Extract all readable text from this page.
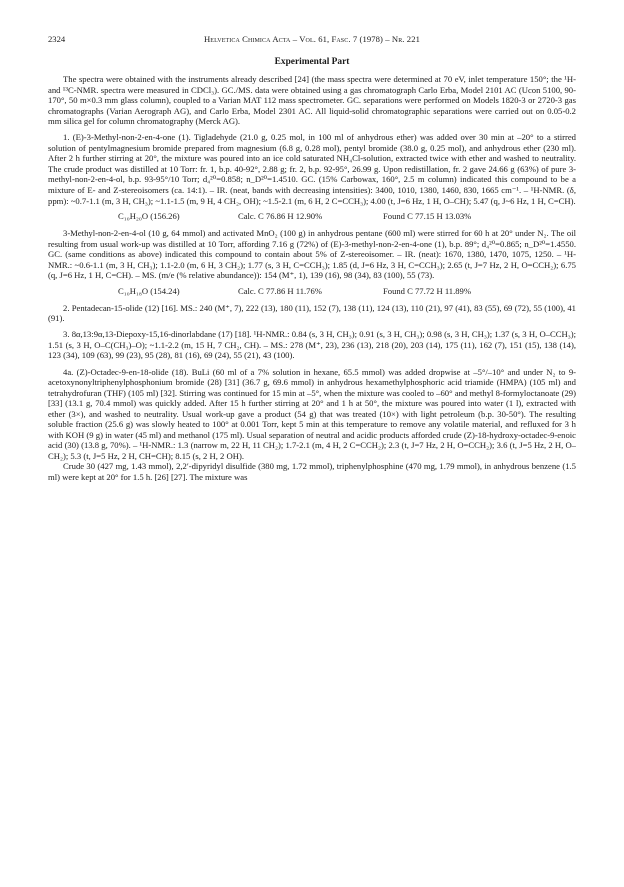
2324	Helvetica Chimica Acta – Vol. 61, Fasc. 7 (1978) – Nr. 221
Experimental Part

The spectra were obtained with the instruments already described [24] (the mass spectra were determined at 70 eV, inlet temperature 150°; the ¹H- and ¹³C-NMR. spectra were measured in CDCl₃). GC./MS. data were obtained using a gas chromatograph Carlo Erba, Model 2101 AC (Ucon 5100, 90-170°, 50 m×0.3 mm glass column), coupled to a Varian MAT 112 mass spectrometer. GC. separations were performed on Models 1820-3 or 2720-3 gas chromatographs (Varian Aerograph AG), and Carlo Erba, Model 2301 AC. All liquid-solid chromatographic separations were carried out on 0.05-0.2 mm silica gel for column chromatography (Merck AG).

1. (E)-3-Methyl-non-2-en-4-one (1). Tigladehyde (21.0 g, 0.25 mol, in 100 ml of anhydrous ether) was added over 30 min at –20° to a stirred solution of pentylmagnesium bromide prepared from magnesium (6.8 g, 0.28 mol), pentyl bromide (38.0 g, 0.25 mol), and anhydrous ether (230 ml). After 2 h further stirring at 20°, the mixture was poured into an ice cold saturated NH₄Cl-solution, extracted twice with ether and washed to neutrality. The crude product was distilled at 10 Torr: fr. 1, b.p. 40-92°, 2.88 g; fr. 2, b.p. 92-95°, 26.99 g. Upon redistillation, fr. 2 gave 24.66 g (63%) of pure 3-methyl-non-2-en-4-ol, b.p. 93-95°/10 Torr; d₄²⁰=0.858; n_D²⁰=1.4510. GC. (15% Carbowax, 160°, 2.5 m column) indicated this compound to be a mixture of E- and Z-stereoisomers (ca. 14:1). – IR. (neat, bands with decreasing intensities): 3400, 1010, 1380, 1460, 830, 1665 cm⁻¹. – ¹H-NMR. (δ, ppm): ~0.7-1.1 (m, 3 H, CH₃); ~1.1-1.5 (m, 9 H, 4 CH₂, OH); ~1.5-2.1 (m, 6 H, 2 C=CCH₃); 4.00 (t, J=6 Hz, 1 H, O–CH); 5.47 (q, J~6 Hz, 1 H, C=CH).

C₁₀H₂₀O (156.26)	Calc. C 76.86 H 12.90%	Found C 77.15 H 13.03%

3-Methyl-non-2-en-4-ol (10 g, 64 mmol) and activated MnO₂ (100 g) in anhydrous pentane (600 ml) were stirred for 60 h at 20° under N₂. The oil resulting from usual work-up was distilled at 10 Torr, affording 7.16 g (72%) of (E)-3-methyl-non-2-en-4-one (1), b.p. 89°; d₄²⁰=0.865; n_D²⁰=1.4550. GC. (same conditions as above) indicated this compound to contain about 5% of Z-stereoisomer. – IR. (neat): 1670, 1380, 1470, 1075, 1250. – ¹H-NMR.: ~0.6-1.1 (m, 3 H, CH₃); 1.1-2.0 (m, 6 H, 3 CH₂); 1.77 (s, 3 H, C=CCH₃); 1.85 (d, J=6 Hz, 3 H, C=CCH₃); 2.65 (t, J=7 Hz, 2 H, O=CCH₂); 6.75 (q, J=6 Hz, 1 H, C=CH). – MS. (m/e (% relative abundance)): 154 (M⁺, 1), 139 (16), 98 (34), 83 (100), 55 (73).

C₁₀H₁₈O (154.24)	Calc. C 77.86 H 11.76%	Found C 77.72 H 11.89%

2. Pentadecan-15-olide (12) [16]. MS.: 240 (M⁺, 7), 222 (13), 180 (11), 152 (7), 138 (11), 124 (13), 110 (21), 97 (41), 83 (55), 69 (72), 55 (100), 41 (91).

3. 8α,13:9α,13-Diepoxy-15,16-dinorlabdane (17) [18]. ¹H-NMR.: 0.84 (s, 3 H, CH₃); 0.91 (s, 3 H, CH₃); 0.98 (s, 3 H, CH₃); 1.37 (s, 3 H, O–CCH₃); 1.51 (s, 3 H, O–C(CH₃)–O); ~1.1-2.2 (m, 15 H, 7 CH₂, CH). – MS.: 278 (M⁺, 23), 236 (13), 218 (20), 203 (14), 175 (11), 162 (7), 151 (15), 138 (14), 123 (34), 109 (63), 99 (23), 95 (28), 81 (16), 69 (24), 55 (21), 43 (100).

4a. (Z)-Octadec-9-en-18-olide (18). BuLi (60 ml of a 7% solution in hexane, 65.5 mmol) was added dropwise at –5°/–10° and under N₂ to 9-acetoxynonyltriphenylphosphonium bromide (28) [31] (36.7 g, 69.6 mmol) in anhydrous hexamethylphosphoric acid triamide (HMPA) (105 ml) and tetrahydrofuran (THF) (105 ml) [32]. Stirring was continued for 15 min at –5°, when the mixture was cooled to –60° and methyl 8-formyloctanoate (29) [33] (13.1 g, 70.4 mmol) was quickly added. After 15 h further stirring at 20° and 1 h at 50°, the mixture was poured into water (1 l), extracted with ether (3×), and washed to neutrality. Usual work-up gave a product (54 g) that was treated (10×) with light petroleum (b.p. 30-50°). The resulting soluble fraction (25.6 g) was slowly heated to 100° at 0.001 Torr, kept 5 min at this temperature to remove any volatile material, and refluxed for 3 h with KOH (9 g) in water (45 ml) and methanol (175 ml). Usual separation of neutral and acidic products afforded crude (Z)-18-hydroxy-octadec-9-enoic acid (30) (13.8 g, 70%). – ¹H-NMR.: 1.3 (narrow m, 22 H, 11 CH₂); 1.7-2.1 (m, 4 H, 2 C=CCH₂); 2.3 (t, J=7 Hz, 2 H, O=CCH₂); 3.6 (t, J=5 Hz, 2 H, O–CH₂); 5.3 (t, J=5 Hz, 2 H, CH=CH); 8.15 (s, 2 H, 2 OH).

Crude 30 (427 mg, 1.43 mmol), 2,2′-dipyridyl disulfide (380 mg, 1.72 mmol), triphenylphosphine (470 mg, 1.79 mmol), in anhydrous benzene (1.5 ml) were kept at 20° for 1.5 h. [26] [27]. The mixture was
